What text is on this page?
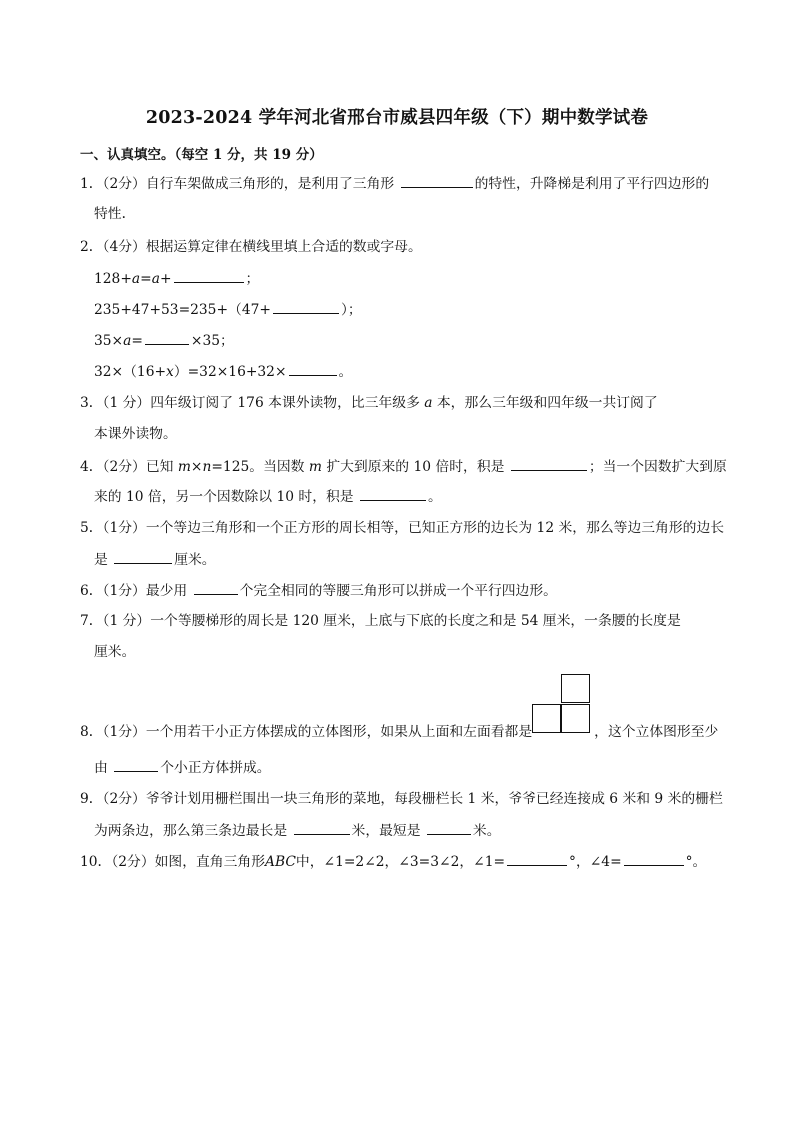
2023-2024 学年河北省邢台市威县四年级（下）期中数学试卷
一、认真填空。（每空 1 分，共 19 分）
1．（2分）自行车架做成三角形的，是利用了三角形	的特性，升降梯是利用了平行四边形的
特性．
2．（4分）根据运算定律在横线里填上合适的数或字母。
128+a=a+	；
235+47+53=235+（47+	）；
35×a=	×35；
32×（16+x）=32×16+32×	。
3．（1 分）四年级订阅了 176 本课外读物，比三年级多 a 本，那么三年级和四年级一共订阅了
本课外读物。
4．（2分）已知 m×n=125。当因数 m 扩大到原来的 10 倍时，积是	；当一个因数扩大到原
来的 10 倍，另一个因数除以 10 时，积是	。
5．（1分）一个等边三角形和一个正方形的周长相等，已知正方形的边长为 12 米，那么等边三角形的边长
是	厘米。
6．（1分）最少用	个完全相同的等腰三角形可以拼成一个平行四边形。
7．（1 分）一个等腰梯形的周长是 120 厘米，上底与下底的长度之和是 54 厘米，一条腰的长度是
厘米。
8．（1分）一个用若干小正方体摆成的立体图形，如果从上面和左面看都是	，这个立体图形至少
由	个小正方体拼成。
9．（2分）爷爷计划用栅栏围出一块三角形的菜地，每段栅栏长 1 米，爷爷已经连接成 6 米和 9 米的栅栏
为两条边，那么第三条边最长是	米，最短是	米。
10．（2分）如图，直角三角形ABC中，∠1=2∠2，∠3=3∠2，∠1=	°，∠4=	°。
